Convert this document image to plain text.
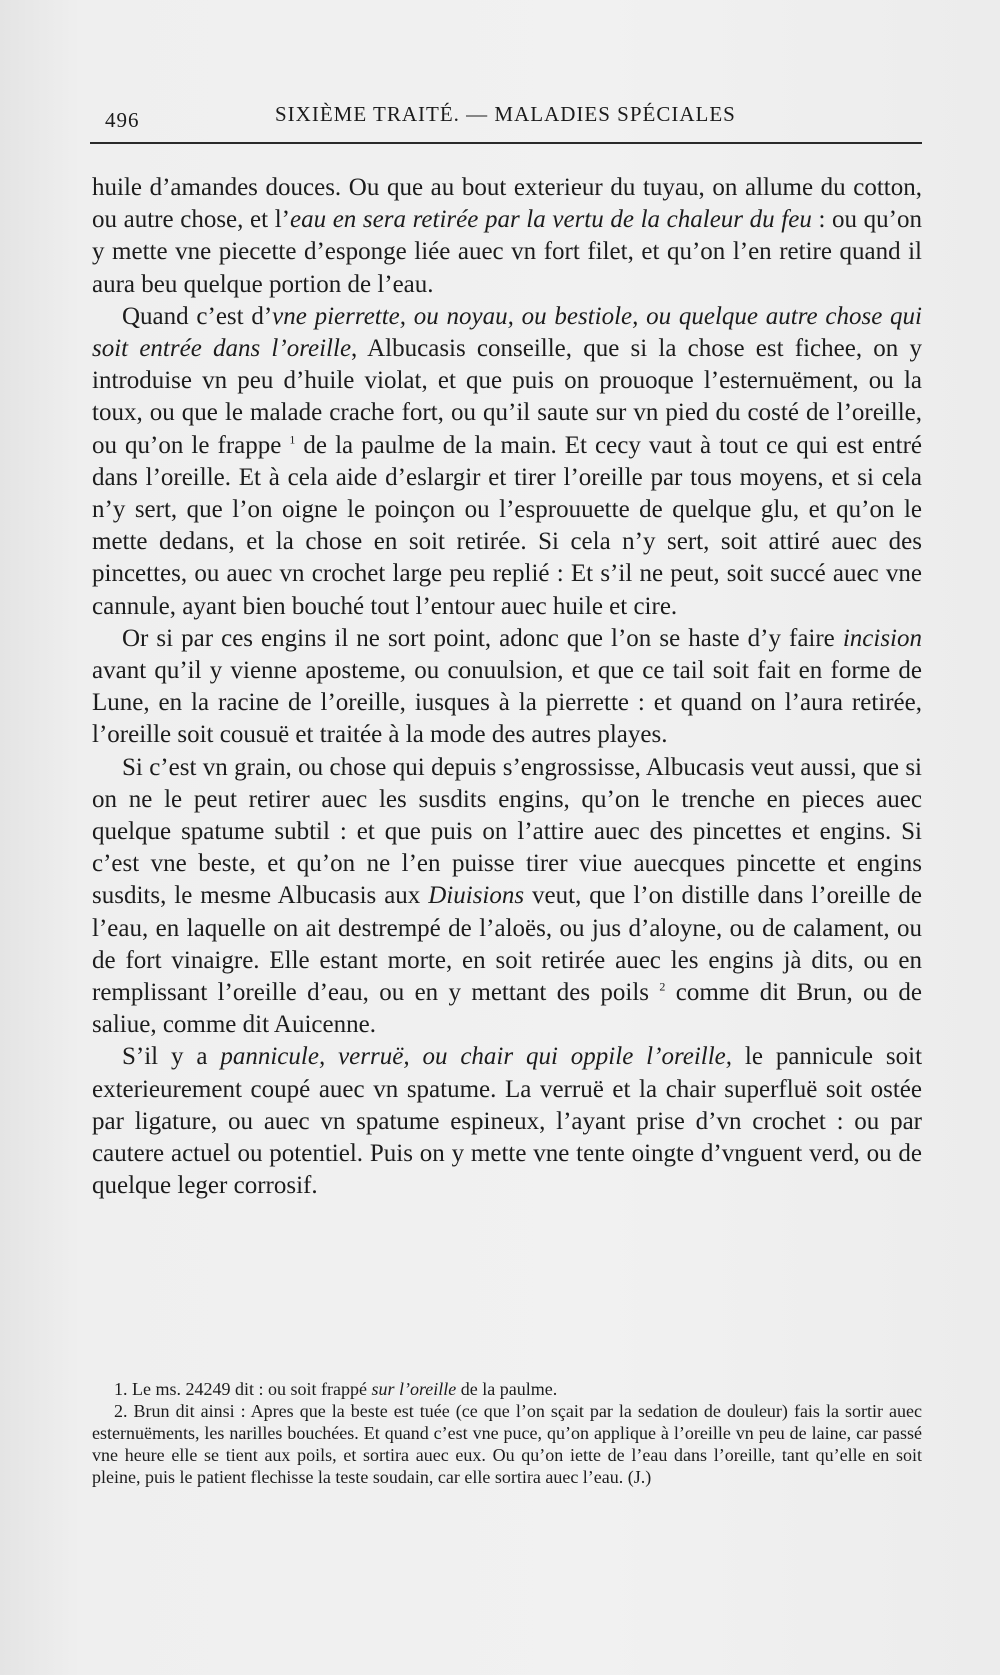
496	SIXIÈME TRAITÉ. — MALADIES SPÉCIALES

huile d’amandes douces. Ou que au bout exterieur du tuyau, on allume du cotton, ou autre chose, et l’eau en sera retirée par la vertu de la chaleur du feu : ou qu’on y mette vne piecette d’esponge liée auec vn fort filet, et qu’on l’en retire quand il aura beu quelque portion de l’eau.

Quand c’est d’vne pierrette, ou noyau, ou bestiole, ou quelque autre chose qui soit entrée dans l’oreille, Albucasis conseille, que si la chose est fichee, on y introduise vn peu d’huile violat, et que puis on prouoque l’esternuëment, ou la toux, ou que le malade crache fort, ou qu’il saute sur vn pied du costé de l’oreille, ou qu’on le frappe $^1$ de la paulme de la main. Et cecy vaut à tout ce qui est entré dans l’oreille. Et à cela aide d’eslargir et tirer l’oreille par tous moyens, et si cela n’y sert, que l’on oigne le poinçon ou l’esprouuette de quelque glu, et qu’on le mette dedans, et la chose en soit retirée. Si cela n’y sert, soit attiré auec des pincettes, ou auec vn crochet large peu replié : Et s’il ne peut, soit succé auec vne cannule, ayant bien bouché tout l’entour auec huile et cire.

Or si par ces engins il ne sort point, adonc que l’on se haste d’y faire incision avant qu’il y vienne aposteme, ou conuulsion, et que ce tail soit fait en forme de Lune, en la racine de l’oreille, iusques à la pierrette : et quand on l’aura retirée, l’oreille soit cousuë et traitée à la mode des autres playes.

Si c’est vn grain, ou chose qui depuis s’engrossisse, Albucasis veut aussi, que si on ne le peut retirer auec les susdits engins, qu’on le trenche en pieces auec quelque spatume subtil : et que puis on l’attire auec des pincettes et engins. Si c’est vne beste, et qu’on ne l’en puisse tirer viue auecques pincette et engins susdits, le mesme Albucasis aux Diuisions veut, que l’on distille dans l’oreille de l’eau, en laquelle on ait destrempé de l’aloës, ou jus d’aloyne, ou de calament, ou de fort vinaigre. Elle estant morte, en soit retirée auec les engins jà dits, ou en remplissant l’oreille d’eau, ou en y mettant des poils $^2$ comme dit Brun, ou de saliue, comme dit Auicenne.

S’il y a pannicule, verruë, ou chair qui oppile l’oreille, le pannicule soit exterieurement coupé auec vn spatume. La verruë et la chair superfluë soit ostée par ligature, ou auec vn spatume espineux, l’ayant prise d’vn crochet : ou par cautere actuel ou potentiel. Puis on y mette vne tente oingte d’vnguent verd, ou de quelque leger corrosif.

1. Le ms. 24249 dit : ou soit frappé sur l’oreille de la paulme.

2. Brun dit ainsi : Apres que la beste est tuée (ce que l’on sçait par la sedation de douleur) fais la sortir auec esternuëments, les narilles bouchées. Et quand c’est vne puce, qu’on applique à l’oreille vn peu de laine, car passé vne heure elle se tient aux poils, et sortira auec eux. Ou qu’on iette de l’eau dans l’oreille, tant qu’elle en soit pleine, puis le patient flechisse la teste soudain, car elle sortira auec l’eau. (J.)
